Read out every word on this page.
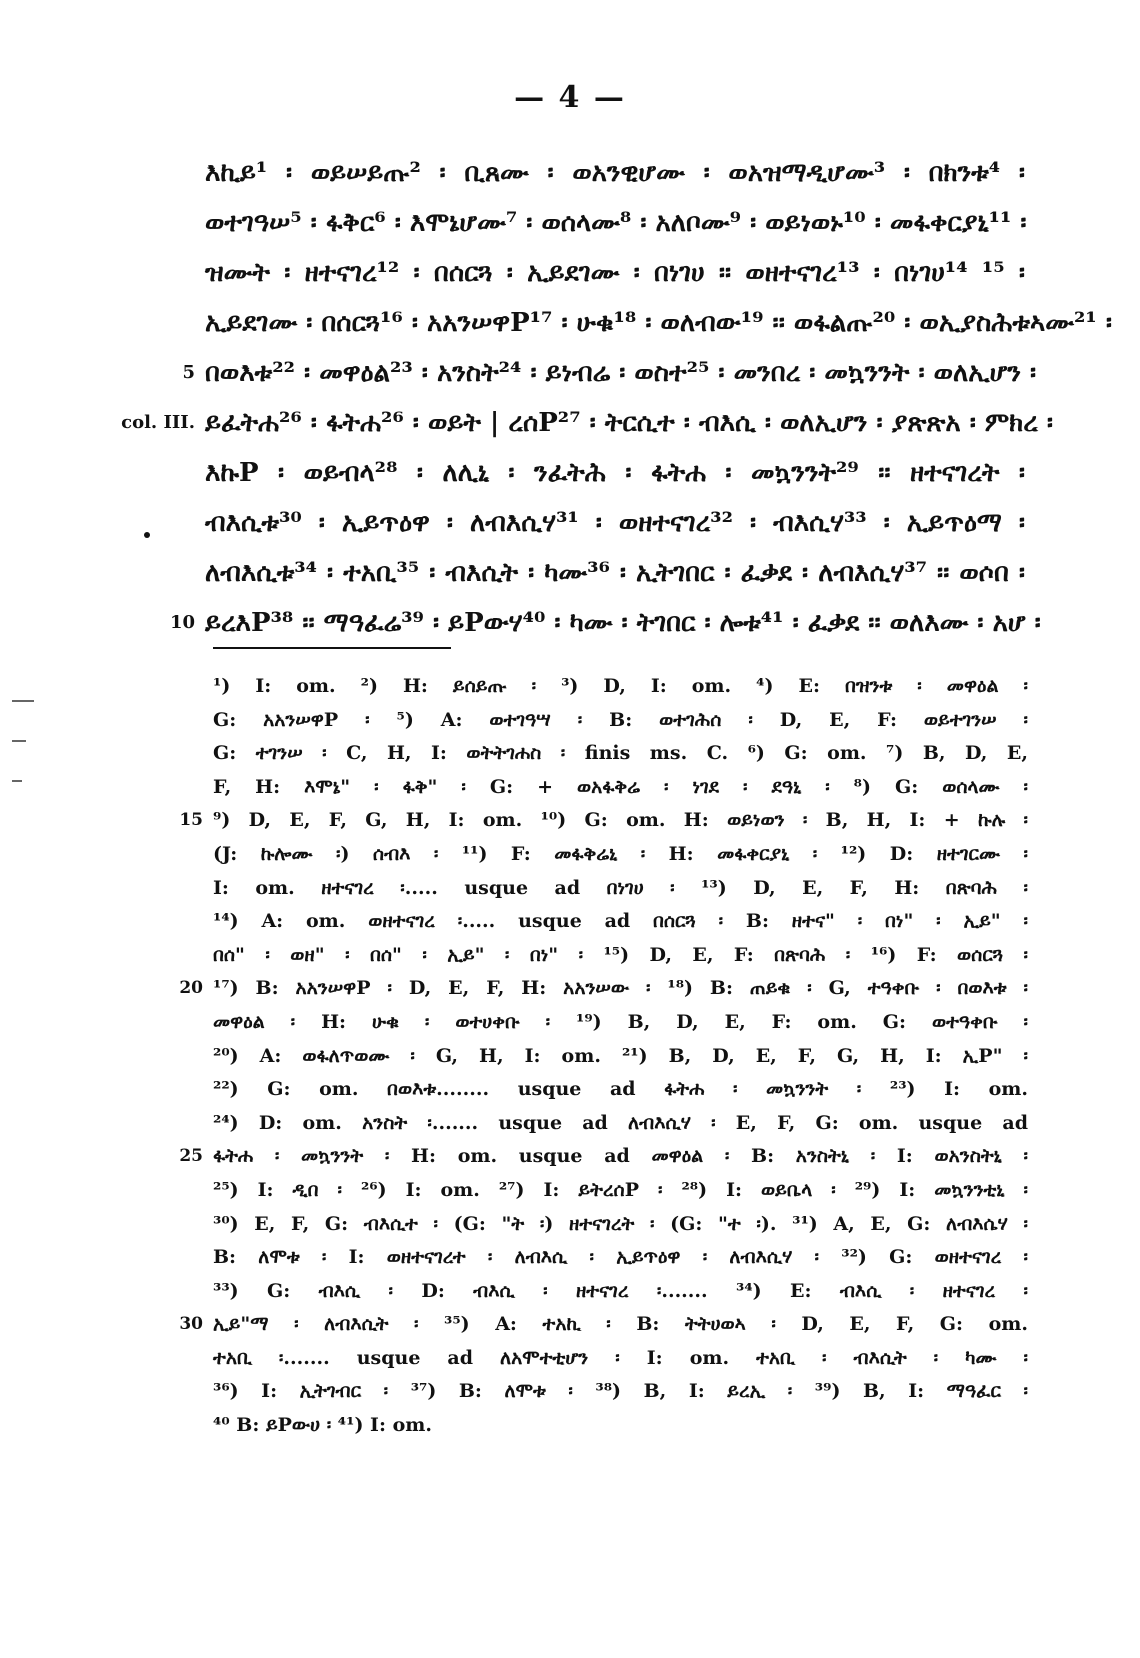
— 4 —
እኪይ¹ ፡ ወይሠይጡ² ፡ ቢጸሙ ፡ ወአንዊሆሙ ፡ ወአዝማዲሆሙ³ ፡ በክንቱ⁴ ፡
ወተገዓሠ⁵ ፡ ፋቅር⁶ ፡ እሞኔሆሙ⁷ ፡ ወሰላሙ⁸ ፡ አለቦሙ⁹ ፡ ወይነወኑ¹⁰ ፡ መፋቀርያኒ¹¹ ፡
ዝሙት ፡ ዘተናገረ¹² ፡ በሰርጓ ፡ ኢይደገሙ ፡ በነገሀ ፡፡ ወዘተናገረ¹³ ፡ በነገሀ¹⁴ ¹⁵ ፡
ኢይደገሙ ፡ በሰርጓ¹⁶ ፡ አአንሠዋP¹⁷ ፡ ሁቁ¹⁸ ፡ ወለብው¹⁹ ፡፡ ወፋልጡ²⁰ ፡ ወኢያስሕቱኣሙ²¹ ፡
5 በወእቱ²² ፡ መዋዕል²³ ፡ አንስት²⁴ ፡ ይነብሬ ፡ ወስተ²⁵ ፡ መንበረ ፡ መኳንንት ፡ ወለኢሆን ፡
col. III. ይፈትሐ²⁶ ፡ ፋትሐ²⁶ ፡ ወይት | ረሰP²⁷ ፡ ትርሲተ ፡ ብእሲ ፡ ወለኢሆን ፡ ያጽጽአ ፡ ምክረ ፡
እኩP ፡ ወይብላ²⁸ ፡ ለሊኒ ፡ ንፈትሕ ፡ ፋትሐ ፡ መኳንንት²⁹ ፡፡ ዘተናገረት ፡
ብእሲቱ³⁰ ፡ ኢይጥዕዋ ፡ ለብእሲሃ³¹ ፡ ወዘተናገረ³² ፡ ብእሲሃ³³ ፡ ኢይጥዕማ ፡
ለብእሲቱ³⁴ ፡ ተአቢ³⁵ ፡ ብእሲት ፡ ካሙ³⁶ ፡ ኢትገበር ፡ ፈቃደ ፡ ለብእሲሃ³⁷ ፡፡ ወሶበ ፡
10 ይረእP³⁸ ፡፡ ማዓፈሬ³⁹ ፡ ይPውሃ⁴⁰ ፡ ካሙ ፡ ትገበር ፡ ሎቱ⁴¹ ፡ ፈቃደ ፡፡ ወለእሙ ፡ አሆ ፡
¹) I: om. ²) H: ይሰይጡ ፡ ³) D, I: om. ⁴) E: በዝንቱ ፡ መዋዕል ፡
G: አአንሠዋP ፡ ⁵) A: ወተገዓሣ ፡ B: ወተገሕሰ ፡ D, E, F: ወይተገንሠ ፡
G: ተገንሠ ፡ C, H, I: ወትትገሐስ ፡ finis ms. C. ⁶) G: om. ⁷) B, D, E,
F, H: እሞኔ" ፡ ፋቅ" ፡ G: + ወአፋቅሬ ፡ ነገደ ፡ ደዓኒ ፡ ⁸) G: ወሰላሙ ፡
15 ⁹) D, E, F, G, H, I: om. ¹⁰) G: om. H: ወይነወን ፡ B, H, I: + ኩሉ ፡
(J: ኩሎሙ ፡) ሰብእ ፡ ¹¹) F: መፋቅሬኒ ፡ H: መፋቀርያኒ ፡ ¹²) D: ዘተገርሙ ፡
I: om. ዘተናገረ ፡..... usque ad በነገሀ ፡ ¹³) D, E, F, H: በጽባሕ ፡
¹⁴) A: om. ወዘተናገረ ፡..... usque ad በሰርጓ ፡ B: ዘተና" ፡ በነ" ፡ ኢይ" ፡
በሰ" ፡ ወዘ" ፡ በሰ" ፡ ኢይ" ፡ በነ" ፡ ¹⁵) D, E, F: በጽባሕ ፡ ¹⁶) F: ወሰርጓ ፡
20 ¹⁷) B: አአንሠዋP ፡ D, E, F, H: አአንሠው ፡ ¹⁸) B: ጠይቁ ፡ G, ተዓቀቡ ፡ በወእቱ ፡
መዋዕል ፡ H: ሁቁ ፡ ወተሀቀቡ ፡ ¹⁹) B, D, E, F: om. G: ወተዓቀቡ ፡
²⁰) A: ወፋለጥወሙ ፡ G, H, I: om. ²¹) B, D, E, F, G, H, I: ኢP" ፡
²²) G: om. በወእቱ........ usque ad ፋትሐ ፡ መኳንንት ፡ ²³) I: om.
²⁴) D: om. አንስት ፡....... usque ad ለብእሲሃ ፡ E, F, G: om. usque ad
25 ፋትሐ ፡ መኳንንት ፡ H: om. usque ad መዋዕል ፡ B: አንስትኒ ፡ I: ወአንስትኒ ፡
²⁵) I: ዲበ ፡ ²⁶) I: om. ²⁷) I: ይትረሰP ፡ ²⁸) I: ወይቤላ ፡ ²⁹) I: መኳንንቲኒ ፡
³⁰) E, F, G: ብእሲተ ፡ (G: "ት ፡) ዘተናገረት ፡ (G: "ተ ፡). ³¹) A, E, G: ለብእሴሃ ፡
B: ለሞቱ ፡ I: ወዘተናገረተ ፡ ለብእሲ ፡ ኢይጥዕዋ ፡ ለብእሲሃ ፡ ³²) G: ወዘተናገረ ፡
³³) G: ብእሲ ፡ D: ብእሲ ፡ ዘተናገረ ፡....... ³⁴) E: ብእሲ ፡ ዘተናገረ ፡
30 ኢይ"ማ ፡ ለብእሲት ፡ ³⁵) A: ተአኪ ፡ B: ትትሀወኣ ፡ D, E, F, G: om.
ተአቢ ፡....... usque ad ለአሞተቲሆን ፡ I: om. ተአቢ ፡ ብእሲት ፡ ካሙ ፡
³⁶) I: ኢትገብር ፡ ³⁷) B: ለሞቱ ፡ ³⁸) B, I: ይረኢ ፡ ³⁹) B, I: ማዓፈር ፡
⁴⁰ B: ይPውሀ ፡ ⁴¹) I: om.
